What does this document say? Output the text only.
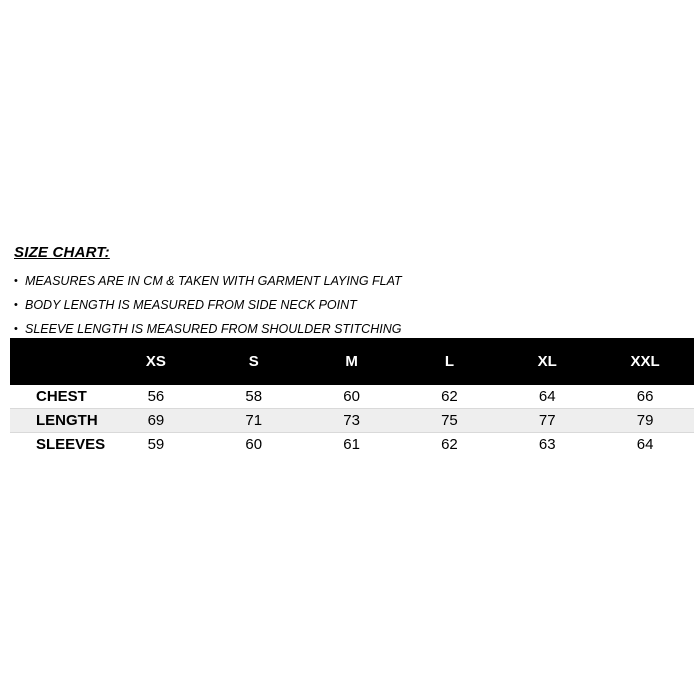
SIZE CHART:
• MEASURES ARE IN CM & TAKEN WITH GARMENT LAYING FLAT
• BODY LENGTH IS MEASURED FROM SIDE NECK POINT
• SLEEVE LENGTH IS MEASURED FROM SHOULDER STITCHING
	XS	S	M	L	XL	XXL
CHEST	56	58	60	62	64	66
LENGTH	69	71	73	75	77	79
SLEEVES	59	60	61	62	63	64
